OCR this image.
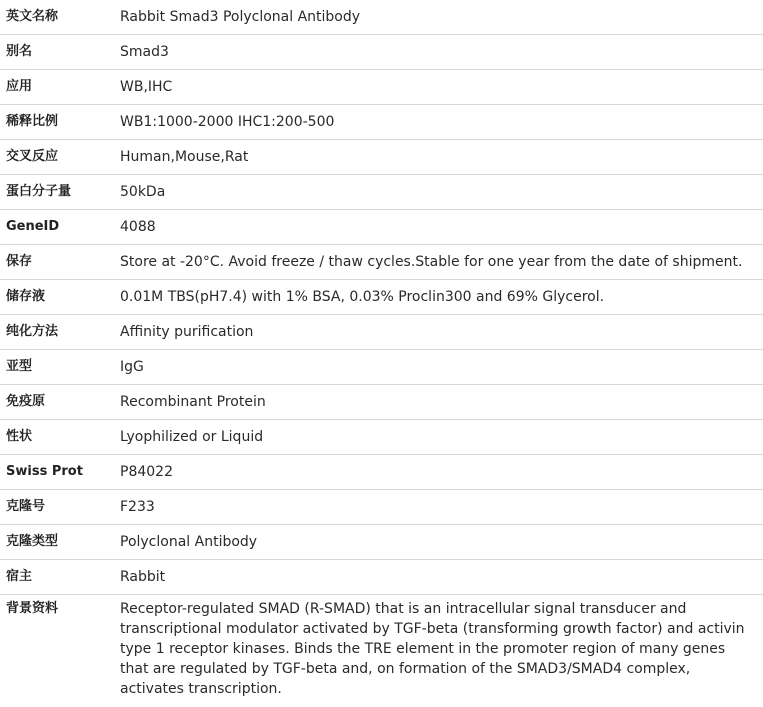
英文名称	Rabbit Smad3 Polyclonal Antibody
别名	Smad3
应用	WB,IHC
稀释比例	WB1:1000-2000 IHC1:200-500
交叉反应	Human,Mouse,Rat
蛋白分子量	50kDa
GeneID	4088
保存	Store at -20°C. Avoid freeze / thaw cycles.Stable for one year from the date of shipment.
储存液	0.01M TBS(pH7.4) with 1% BSA, 0.03% Proclin300 and 69% Glycerol.
纯化方法	Affinity purification
亚型	IgG
免疫原	Recombinant Protein
性状	Lyophilized or Liquid
Swiss Prot	P84022
克隆号	F233
克隆类型	Polyclonal Antibody
宿主	Rabbit
背景资料	Receptor-regulated SMAD (R-SMAD) that is an intracellular signal transducer and transcriptional modulator activated by TGF-beta (transforming growth factor) and activin type 1 receptor kinases. Binds the TRE element in the promoter region of many genes that are regulated by TGF-beta and, on formation of the SMAD3/SMAD4 complex, activates transcription.
